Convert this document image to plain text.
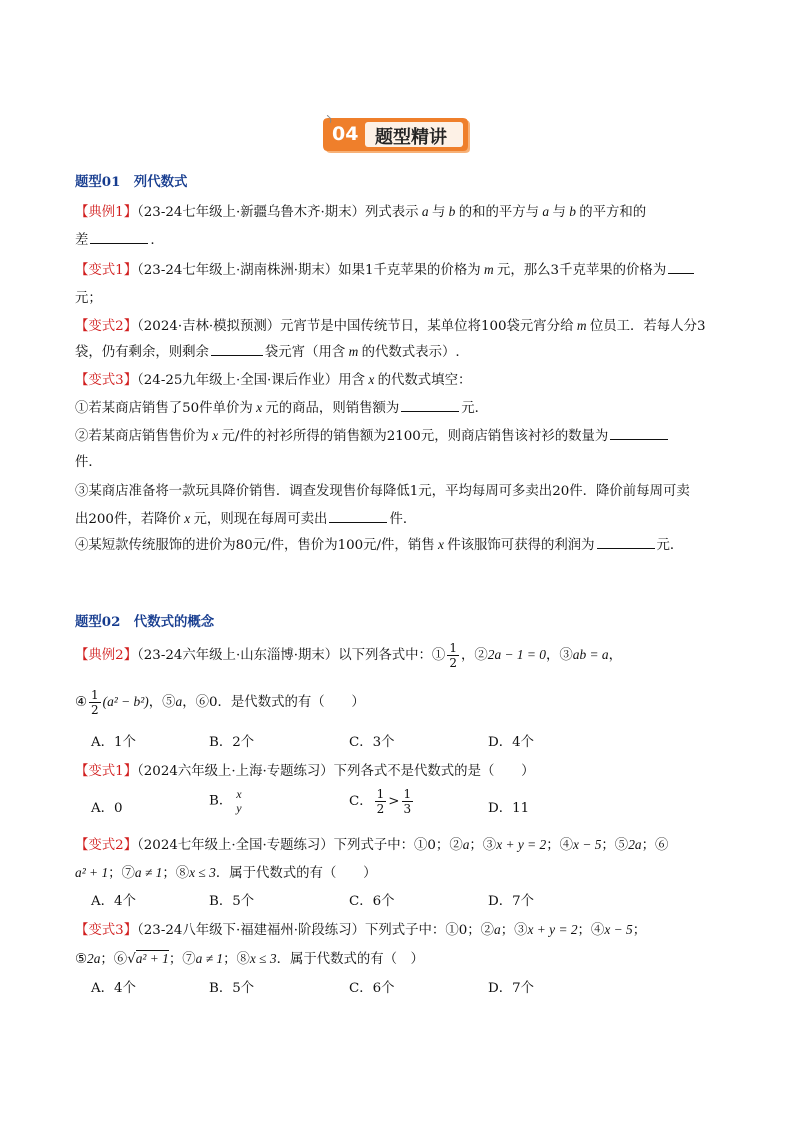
04 题型精讲
题型01　列代数式
【典例1】（23-24七年级上·新疆乌鲁木齐·期末）列式表示 a 与 b 的和的平方与 a 与 b 的平方和的
差	.
【变式1】（23-24七年级上·湖南株洲·期末）如果1千克苹果的价格为 m 元，那么3千克苹果的价格为
元；
【变式2】（2024·吉林·模拟预测）元宵节是中国传统节日，某单位将100袋元宵分给 m 位员工．若每人分3
袋，仍有剩余，则剩余	袋元宵（用含 m 的代数式表示）.
【变式3】（24-25九年级上·全国·课后作业）用含 x 的代数式填空：
①若某商店销售了50件单价为 x 元的商品，则销售额为	元．
②若某商店销售售价为 x 元/件的衬衫所得的销售额为2100元，则商店销售该衬衫的数量为
件．
③某商店准备将一款玩具降价销售．调查发现售价每降低1元，平均每周可多卖出20件．降价前每周可卖
出200件，若降价 x 元，则现在每周可卖出	件．
④某短款传统服饰的进价为80元/件，售价为100元/件，销售 x 件该服饰可获得的利润为	元．
题型02　代数式的概念
【典例2】（23-24六年级上·山东淄博·期末）以下列各式中：① $\frac{1}{2}$ ，②2a − 1 = 0，③ab = a，
④ $\frac{1}{2} (a^2 - b^2)$，⑤a，⑥0．是代数式的有（　　）
A．1个	B．2个	C．3个	D．4个
【变式1】（2024六年级上·上海·专题练习）下列各式不是代数式的是（　　）
A．0	B． x
y	C． $\frac{1}{2} > \frac{1}{3}$	D．11
【变式2】（2024七年级上·全国·专题练习）下列式子中：①0；②a；③x + y = 2；④x − 5；⑤2a；⑥
a² + 1；⑦a ≠ 1；⑧x ≤ 3．属于代数式的有（　　）
A．4个	B．5个	C．6个	D．7个
【变式3】（23-24八年级下·福建福州·阶段练习）下列式子中：①0；②a；③x + y = 2；④x − 5；
⑤2a；⑥√a² + 1；⑦a ≠ 1；⑧x ≤ 3．属于代数式的有（　）
A．4个	B．5个	C．6个	D．7个
